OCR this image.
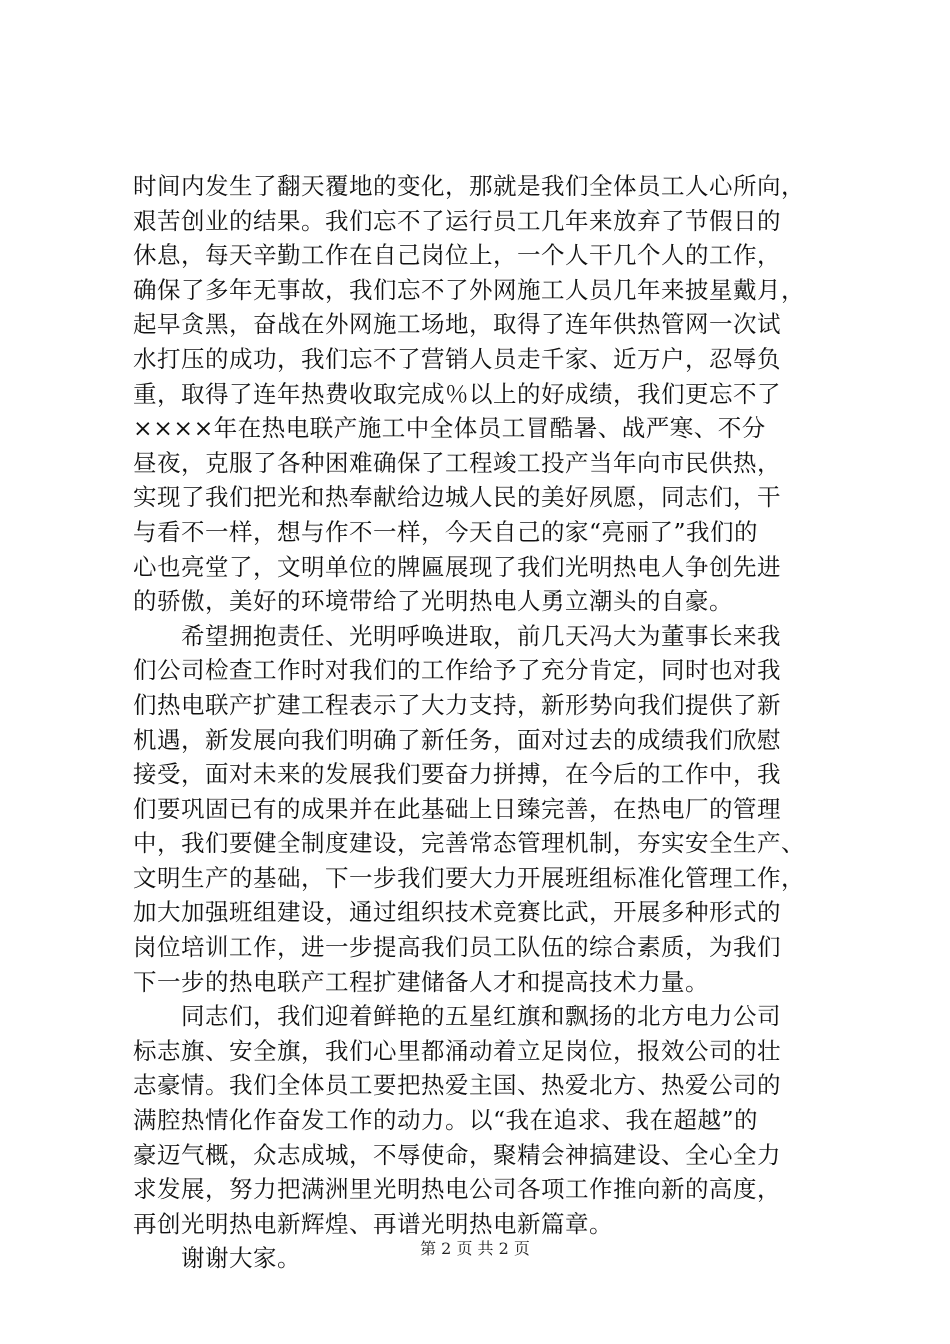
时间内发生了翻天覆地的变化，那就是我们全体员工人心所向，
艰苦创业的结果。我们忘不了运行员工几年来放弃了节假日的
休息，每天辛勤工作在自己岗位上，一个人干几个人的工作，
确保了多年无事故，我们忘不了外网施工人员几年来披星戴月，
起早贪黑，奋战在外网施工场地，取得了连年供热管网一次试
水打压的成功，我们忘不了营销人员走千家、近万户，忍辱负
重，取得了连年热费收取完成％以上的好成绩，我们更忘不了
××××年在热电联产施工中全体员工冒酷暑、战严寒、不分
昼夜，克服了各种困难确保了工程竣工投产当年向市民供热，
实现了我们把光和热奉献给边城人民的美好夙愿，同志们，干
与看不一样，想与作不一样，今天自己的家“亮丽了”我们的
心也亮堂了，文明单位的牌匾展现了我们光明热电人争创先进
的骄傲，美好的环境带给了光明热电人勇立潮头的自豪。
　　希望拥抱责任、光明呼唤进取，前几天冯大为董事长来我
们公司检查工作时对我们的工作给予了充分肯定，同时也对我
们热电联产扩建工程表示了大力支持，新形势向我们提供了新
机遇，新发展向我们明确了新任务，面对过去的成绩我们欣慰
接受，面对未来的发展我们要奋力拼搏，在今后的工作中，我
们要巩固已有的成果并在此基础上日臻完善，在热电厂的管理
中，我们要健全制度建设，完善常态管理机制，夯实安全生产、
文明生产的基础，下一步我们要大力开展班组标准化管理工作，
加大加强班组建设，通过组织技术竞赛比武，开展多种形式的
岗位培训工作，进一步提高我们员工队伍的综合素质，为我们
下一步的热电联产工程扩建储备人才和提高技术力量。
　　同志们，我们迎着鲜艳的五星红旗和飘扬的北方电力公司
标志旗、安全旗，我们心里都涌动着立足岗位，报效公司的壮
志豪情。我们全体员工要把热爱主国、热爱北方、热爱公司的
满腔热情化作奋发工作的动力。以“我在追求、我在超越”的
豪迈气概，众志成城，不辱使命，聚精会神搞建设、全心全力
求发展，努力把满洲里光明热电公司各项工作推向新的高度，
再创光明热电新辉煌、再谱光明热电新篇章。
　　谢谢大家。	第 2 页 共 2 页
